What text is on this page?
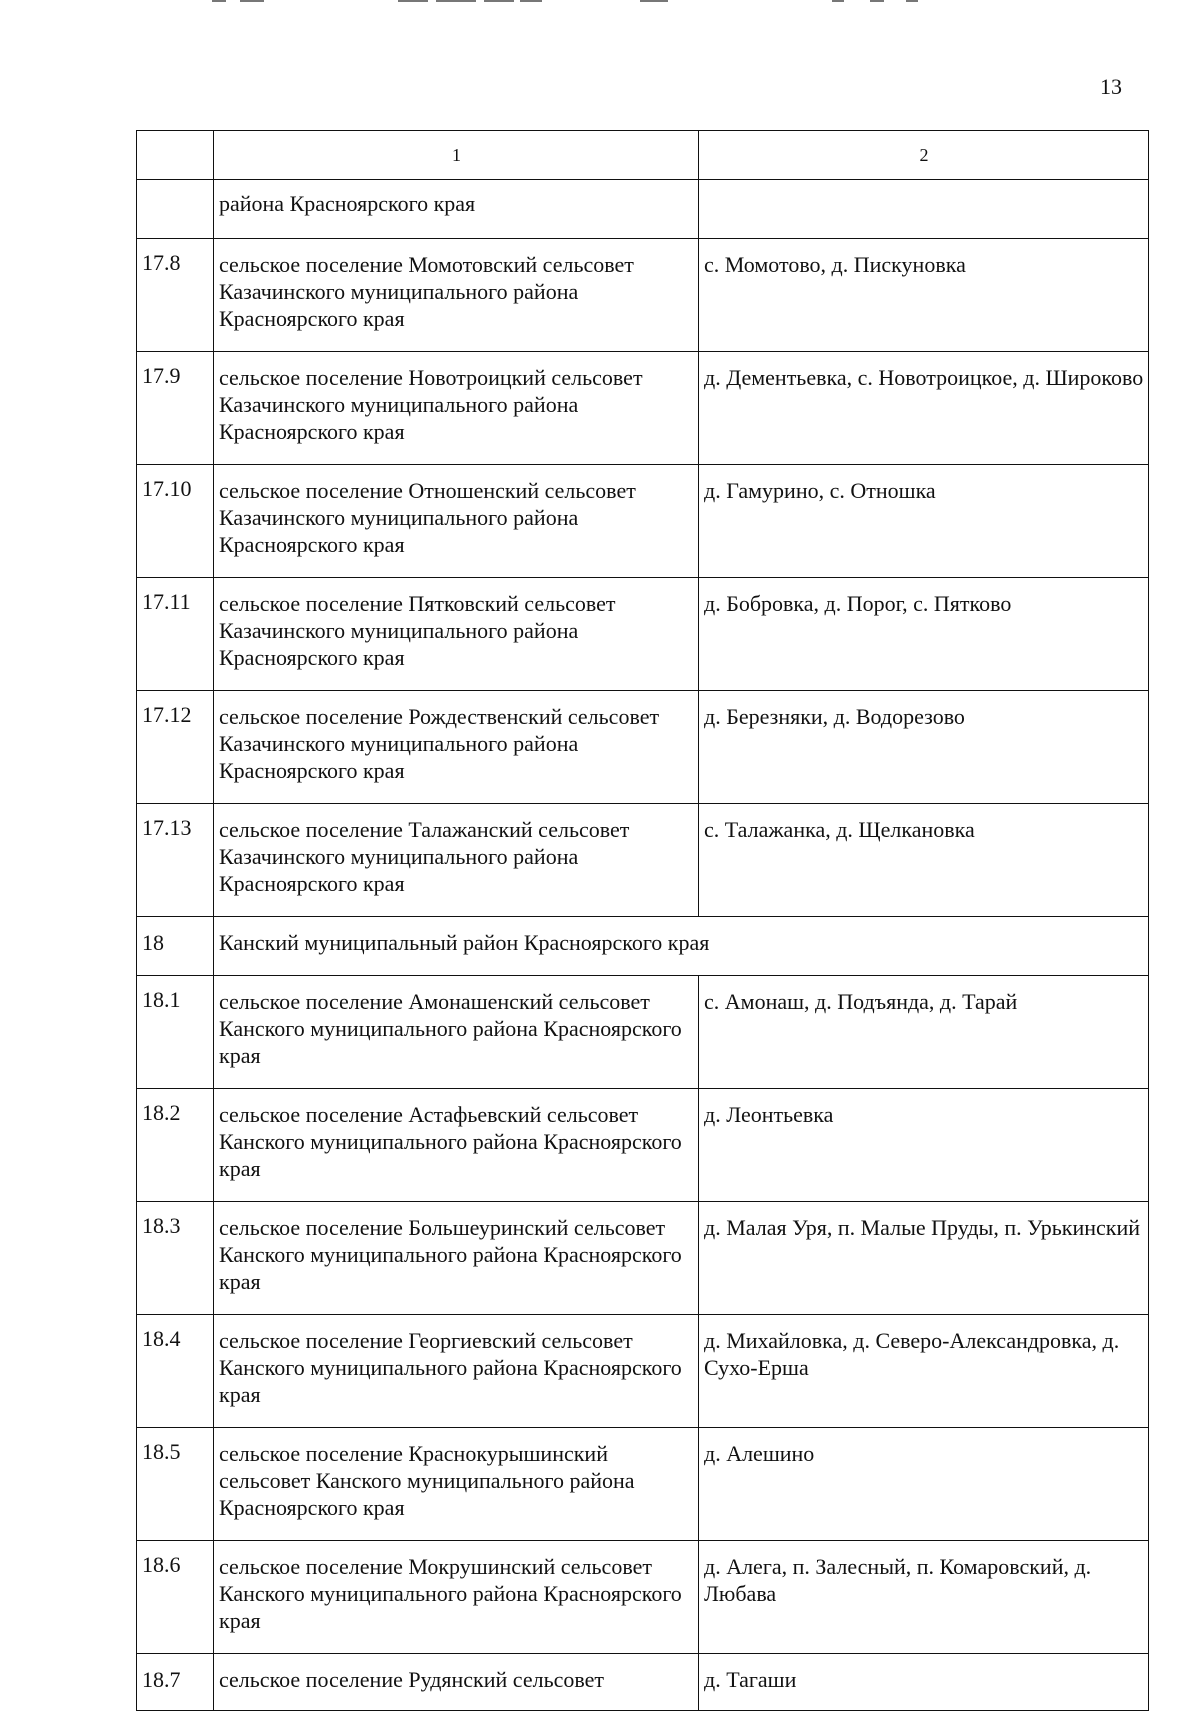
13
	1	2
	района Красноярского края	
17.8	сельское поселение Момотовский сельсовет Казачинского муниципального района Красноярского края	с. Момотово, д. Пискуновка
17.9	сельское поселение Новотроицкий сельсовет Казачинского муниципального района Красноярского края	д. Дементьевка, с. Новотроицкое, д. Широково
17.10	сельское поселение Отношенский сельсовет Казачинского муниципального района Красноярского края	д. Гамурино, с. Отношка
17.11	сельское поселение Пятковский сельсовет Казачинского муниципального района Красноярского края	д. Бобровка, д. Порог, с. Пятково
17.12	сельское поселение Рождественский сельсовет Казачинского муниципального района Красноярского края	д. Березняки, д. Водорезово
17.13	сельское поселение Талажанский сельсовет Казачинского муниципального района Красноярского края	с. Талажанка, д. Щелкановка
18	Канский муниципальный район Красноярского края	
18.1	сельское поселение Амонашенский сельсовет Канского муниципального района Красноярского края	с. Амонаш, д. Подъянда, д. Тарай
18.2	сельское поселение Астафьевский сельсовет Канского муниципального района Красноярского края	д. Леонтьевка
18.3	сельское поселение Большеуринский сельсовет Канского муниципального района Красноярского края	д. Малая Уря, п. Малые Пруды, п. Урькинский
18.4	сельское поселение Георгиевский сельсовет Канского муниципального района Красноярского края	д. Михайловка, д. Северо-Александровка, д. Сухо-Ерша
18.5	сельское поселение Краснокурышинский сельсовет Канского муниципального района Красноярского края	д. Алешино
18.6	сельское поселение Мокрушинский сельсовет Канского муниципального района Красноярского края	д. Алега, п. Залесный, п. Комаровский, д. Любава
18.7	сельское поселение Рудянский сельсовет	д. Тагаши
